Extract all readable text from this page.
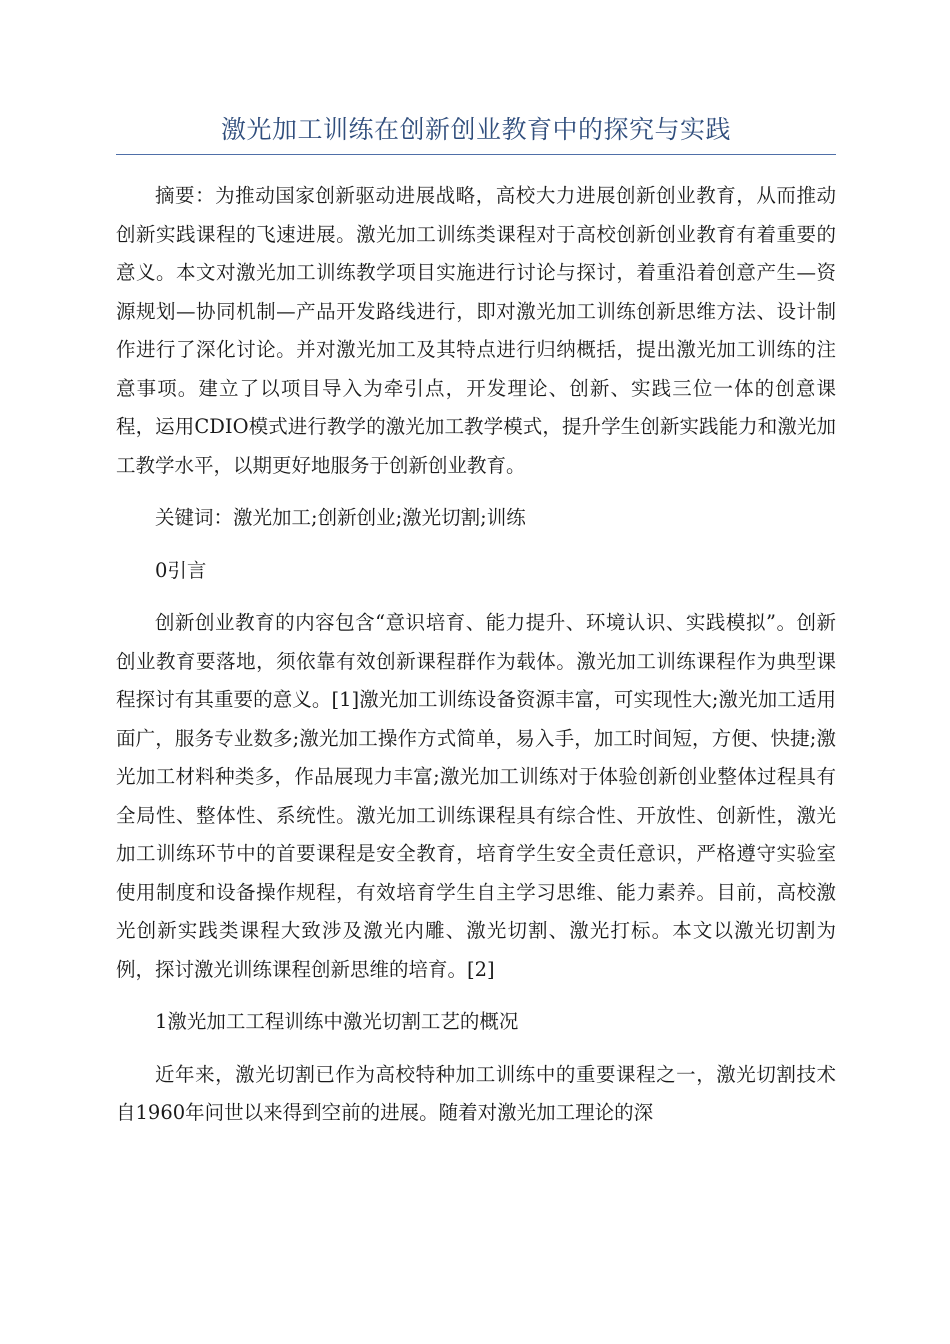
激光加工训练在创新创业教育中的探究与实践

摘要：为推动国家创新驱动进展战略，高校大力进展创新创业教育，从而推动创新实践课程的飞速进展。激光加工训练类课程对于高校创新创业教育有着重要的意义。本文对激光加工训练教学项目实施进行讨论与探讨，着重沿着创意产生—资源规划—协同机制—产品开发路线进行，即对激光加工训练创新思维方法、设计制作进行了深化讨论。并对激光加工及其特点进行归纳概括，提出激光加工训练的注意事项。建立了以项目导入为牵引点，开发理论、创新、实践三位一体的创意课程，运用CDIO模式进行教学的激光加工教学模式，提升学生创新实践能力和激光加工教学水平，以期更好地服务于创新创业教育。

关键词：激光加工;创新创业;激光切割;训练

0引言

创新创业教育的内容包含“意识培育、能力提升、环境认识、实践模拟”。创新创业教育要落地，须依靠有效创新课程群作为载体。激光加工训练课程作为典型课程探讨有其重要的意义。[1]激光加工训练设备资源丰富，可实现性大;激光加工适用面广，服务专业数多;激光加工操作方式简单，易入手，加工时间短，方便、快捷;激光加工材料种类多，作品展现力丰富;激光加工训练对于体验创新创业整体过程具有全局性、整体性、系统性。激光加工训练课程具有综合性、开放性、创新性，激光加工训练环节中的首要课程是安全教育，培育学生安全责任意识，严格遵守实验室使用制度和设备操作规程，有效培育学生自主学习思维、能力素养。目前，高校激光创新实践类课程大致涉及激光内雕、激光切割、激光打标。本文以激光切割为例，探讨激光训练课程创新思维的培育。[2]

1激光加工工程训练中激光切割工艺的概况

近年来，激光切割已作为高校特种加工训练中的重要课程之一，激光切割技术自1960年问世以来得到空前的进展。随着对激光加工理论的深
